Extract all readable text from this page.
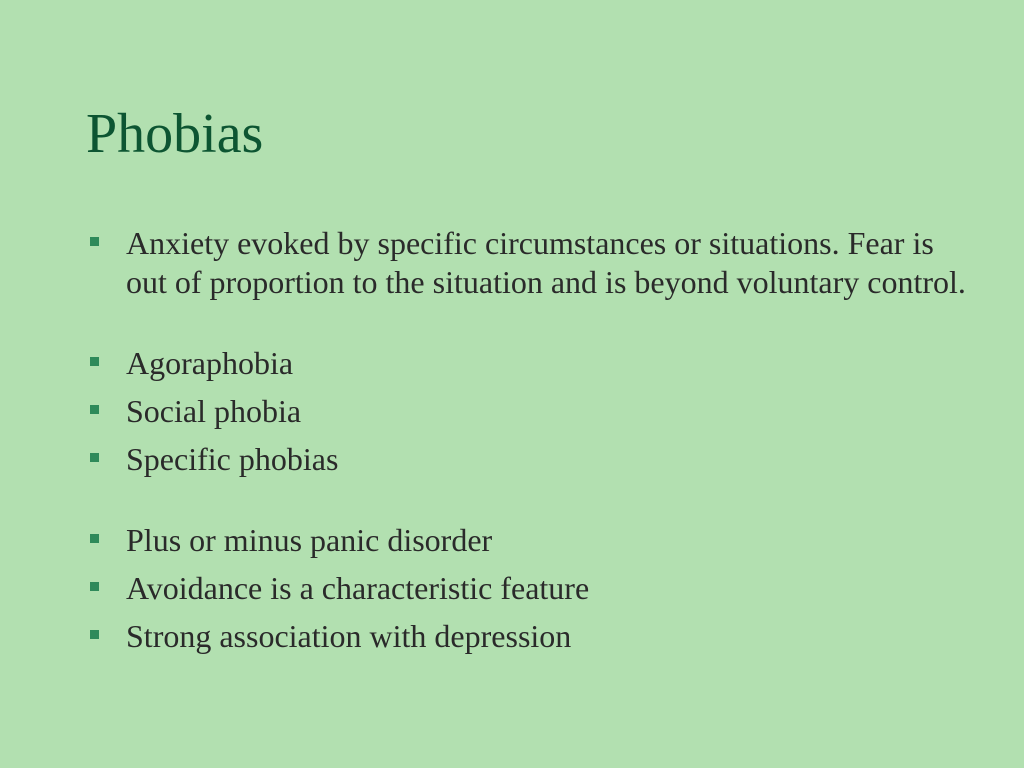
Phobias
Anxiety evoked by specific circumstances or situations. Fear is out of proportion to the situation and is beyond voluntary control.
Agoraphobia
Social phobia
Specific phobias
Plus or minus panic disorder
Avoidance is a characteristic feature
Strong association with depression
